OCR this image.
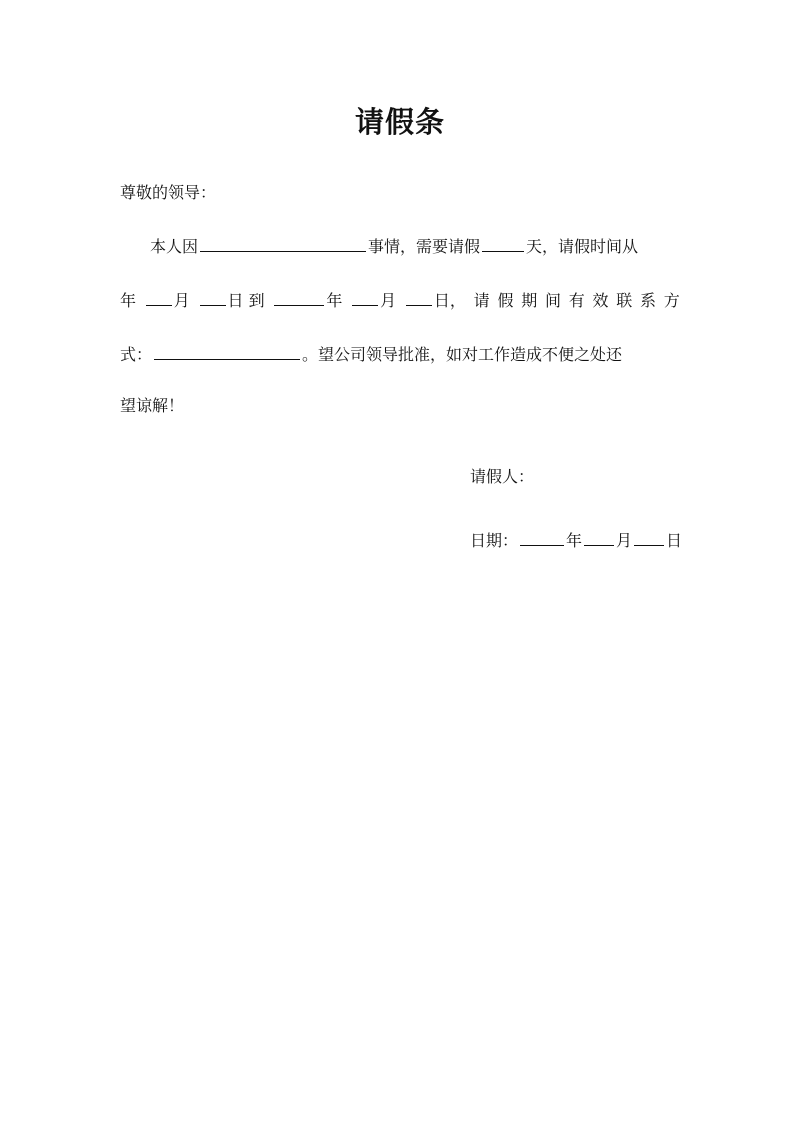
请假条
尊敬的领导：
本人因	事情，需要请假	天，请假时间从
年	月	日 到	年	月	日， 请 假 期 间 有 效 联 系 方
式：	。望公司领导批准，如对工作造成不便之处还
望谅解！
请假人：
日期：	年 月 日
